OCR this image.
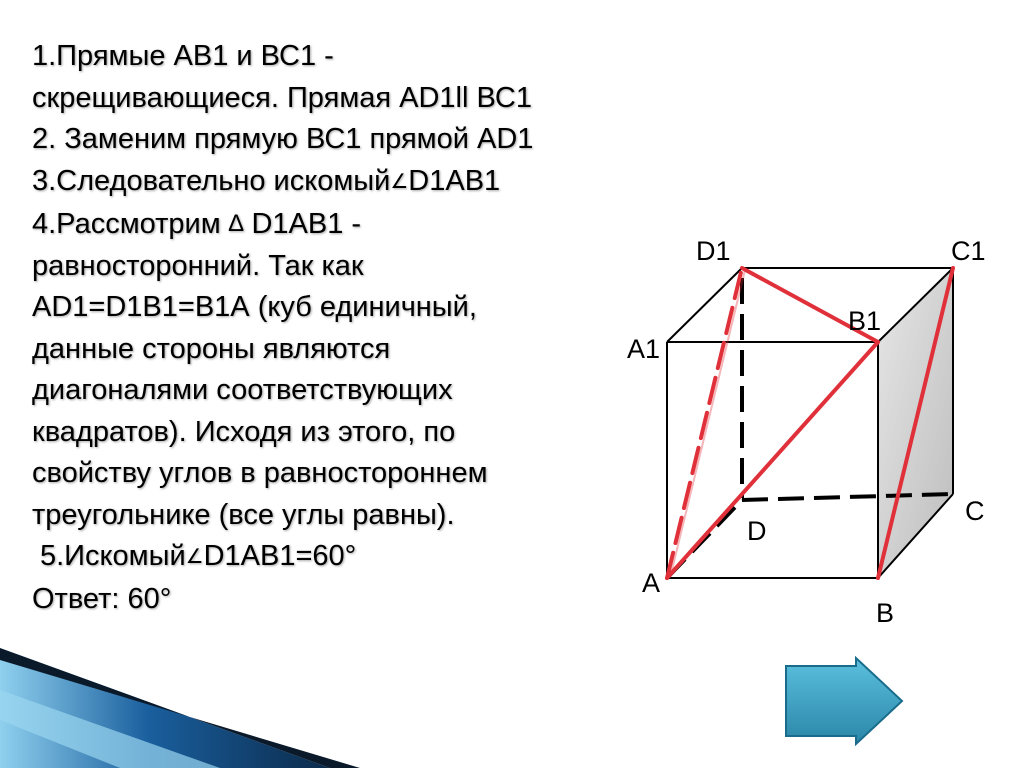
1.Прямые АВ1 и ВС1 -
скрещивающиеся. Прямая АD1ll ВС1
2. Заменим прямую ВС1 прямой АD1
3.Следовательно искомый∠D1АВ1
4.Рассмотрим ∆ D1АВ1 -
равносторонний. Так как
АD1=D1В1=В1А (куб единичный,
данные стороны являются
диагоналями соответствующих
квадратов). Исходя из этого, по
свойству углов в равностороннем
треугольнике (все углы равны).
5.Искомый∠D1АВ1=60°
Ответ: 60°
D1	C1
B1
A1
D
C
A
B
